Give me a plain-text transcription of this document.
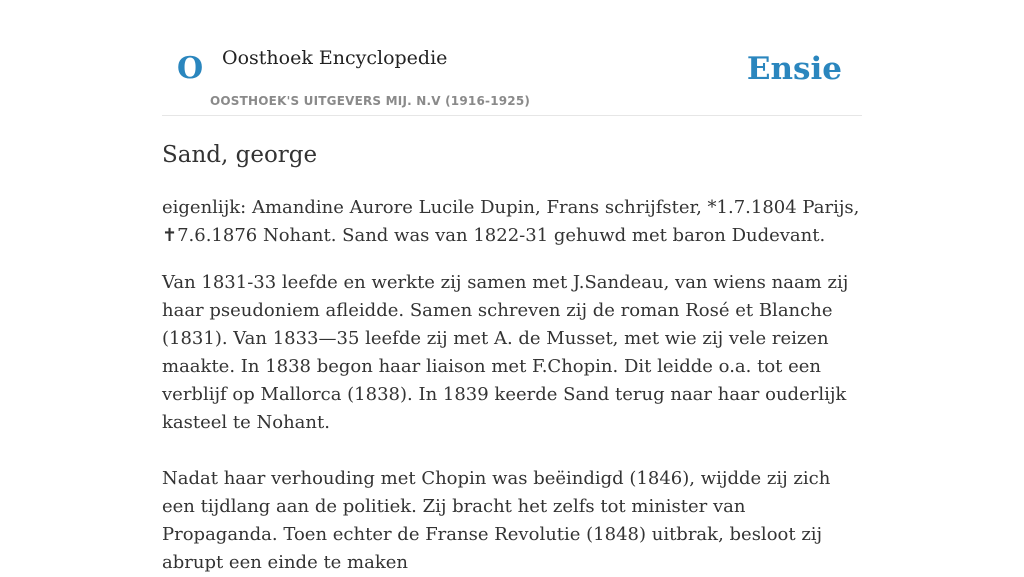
O Oosthoek Encyclopedie
OOSTHOEK'S UITGEVERS MIJ. N.V (1916-1925)
Ensie
Sand, george

eigenlijk: Amandine Aurore Lucile Dupin, Frans schrijfster, *1.7.1804 Parijs, ✝7.6.1876 Nohant. Sand was van 1822-31 gehuwd met baron Dudevant.

Van 1831-33 leefde en werkte zij samen met J.Sandeau, van wiens naam zij haar pseudoniem afleidde. Samen schreven zij de roman Rosé et Blanche (1831). Van 1833—35 leefde zij met A. de Musset, met wie zij vele reizen maakte. In 1838 begon haar liaison met F.Chopin. Dit leidde o.a. tot een verblijf op Mallorca (1838). In 1839 keerde Sand terug naar haar ouderlijk kasteel te Nohant.

Nadat haar verhouding met Chopin was beëindigd (1846), wijdde zij zich een tijdlang aan de politiek. Zij bracht het zelfs tot minister van Propaganda. Toen echter de Franse Revolutie (1848) uitbrak, besloot zij abrupt een einde te maken
